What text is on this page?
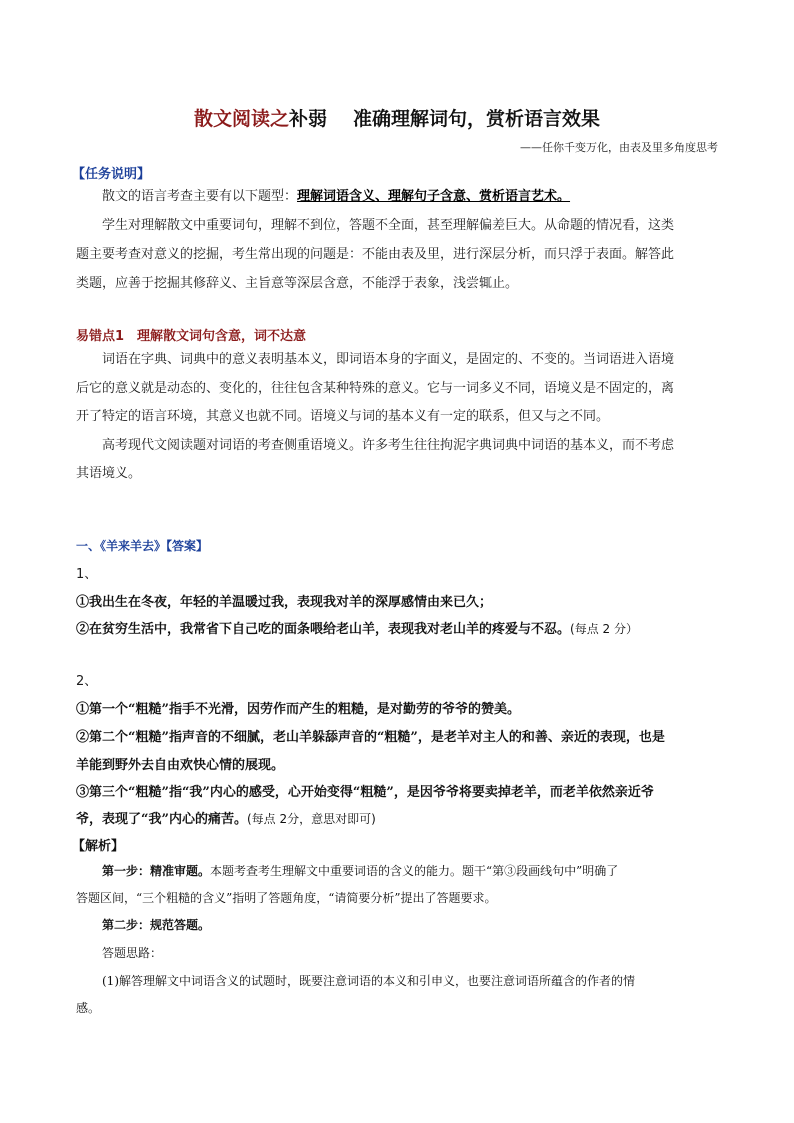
散文阅读之补弱 准确理解词句，赏析语言效果
——任你千变万化，由表及里多角度思考
【任务说明】
散文的语言考查主要有以下题型：理解词语含义、理解句子含意、赏析语言艺术。
学生对理解散文中重要词句，理解不到位，答题不全面，甚至理解偏差巨大。从命题的情况看，这类
题主要考查对意义的挖掘，考生常出现的问题是：不能由表及里，进行深层分析，而只浮于表面。解答此
类题，应善于挖掘其修辞义、主旨意等深层含意，不能浮于表象，浅尝辄止。
易错点1　理解散文词句含意，词不达意
词语在字典、词典中的意义表明基本义，即词语本身的字面义，是固定的、不变的。当词语进入语境
后它的意义就是动态的、变化的，往往包含某种特殊的意义。它与一词多义不同，语境义是不固定的，离
开了特定的语言环境，其意义也就不同。语境义与词的基本义有一定的联系，但又与之不同。
高考现代文阅读题对词语的考查侧重语境义。许多考生往往拘泥字典词典中词语的基本义，而不考虑
其语境义。
一、《羊来羊去》【答案】
1、
①我出生在冬夜，年轻的羊温暖过我，表现我对羊的深厚感情由来已久；
②在贫穷生活中，我常省下自己吃的面条喂给老山羊，表现我对老山羊的疼爱与不忍。(每点 2 分）
2、
①第一个“粗糙”指手不光滑，因劳作而产生的粗糙，是对勤劳的爷爷的赞美。
②第二个“粗糙”指声音的不细腻，老山羊躲舔声音的“粗糙”，是老羊对主人的和善、亲近的表现，也是
羊能到野外去自由欢快心情的展现。
③第三个“粗糙”指“我”内心的感受，心开始变得“粗糙”，是因爷爷将要卖掉老羊，而老羊依然亲近爷
爷，表现了“我”内心的痛苦。(每点 2分，意思对即可)
【解析】
第一步：精准审题。本题考查考生理解文中重要词语的含义的能力。题干“第③段画线句中”明确了
答题区间，“三个粗糙的含义”指明了答题角度，“请简要分析”提出了答题要求。
第二步：规范答题。
答题思路：
(1)解答理解文中词语含义的试题时，既要注意词语的本义和引申义，也要注意词语所蕴含的作者的情
感。
